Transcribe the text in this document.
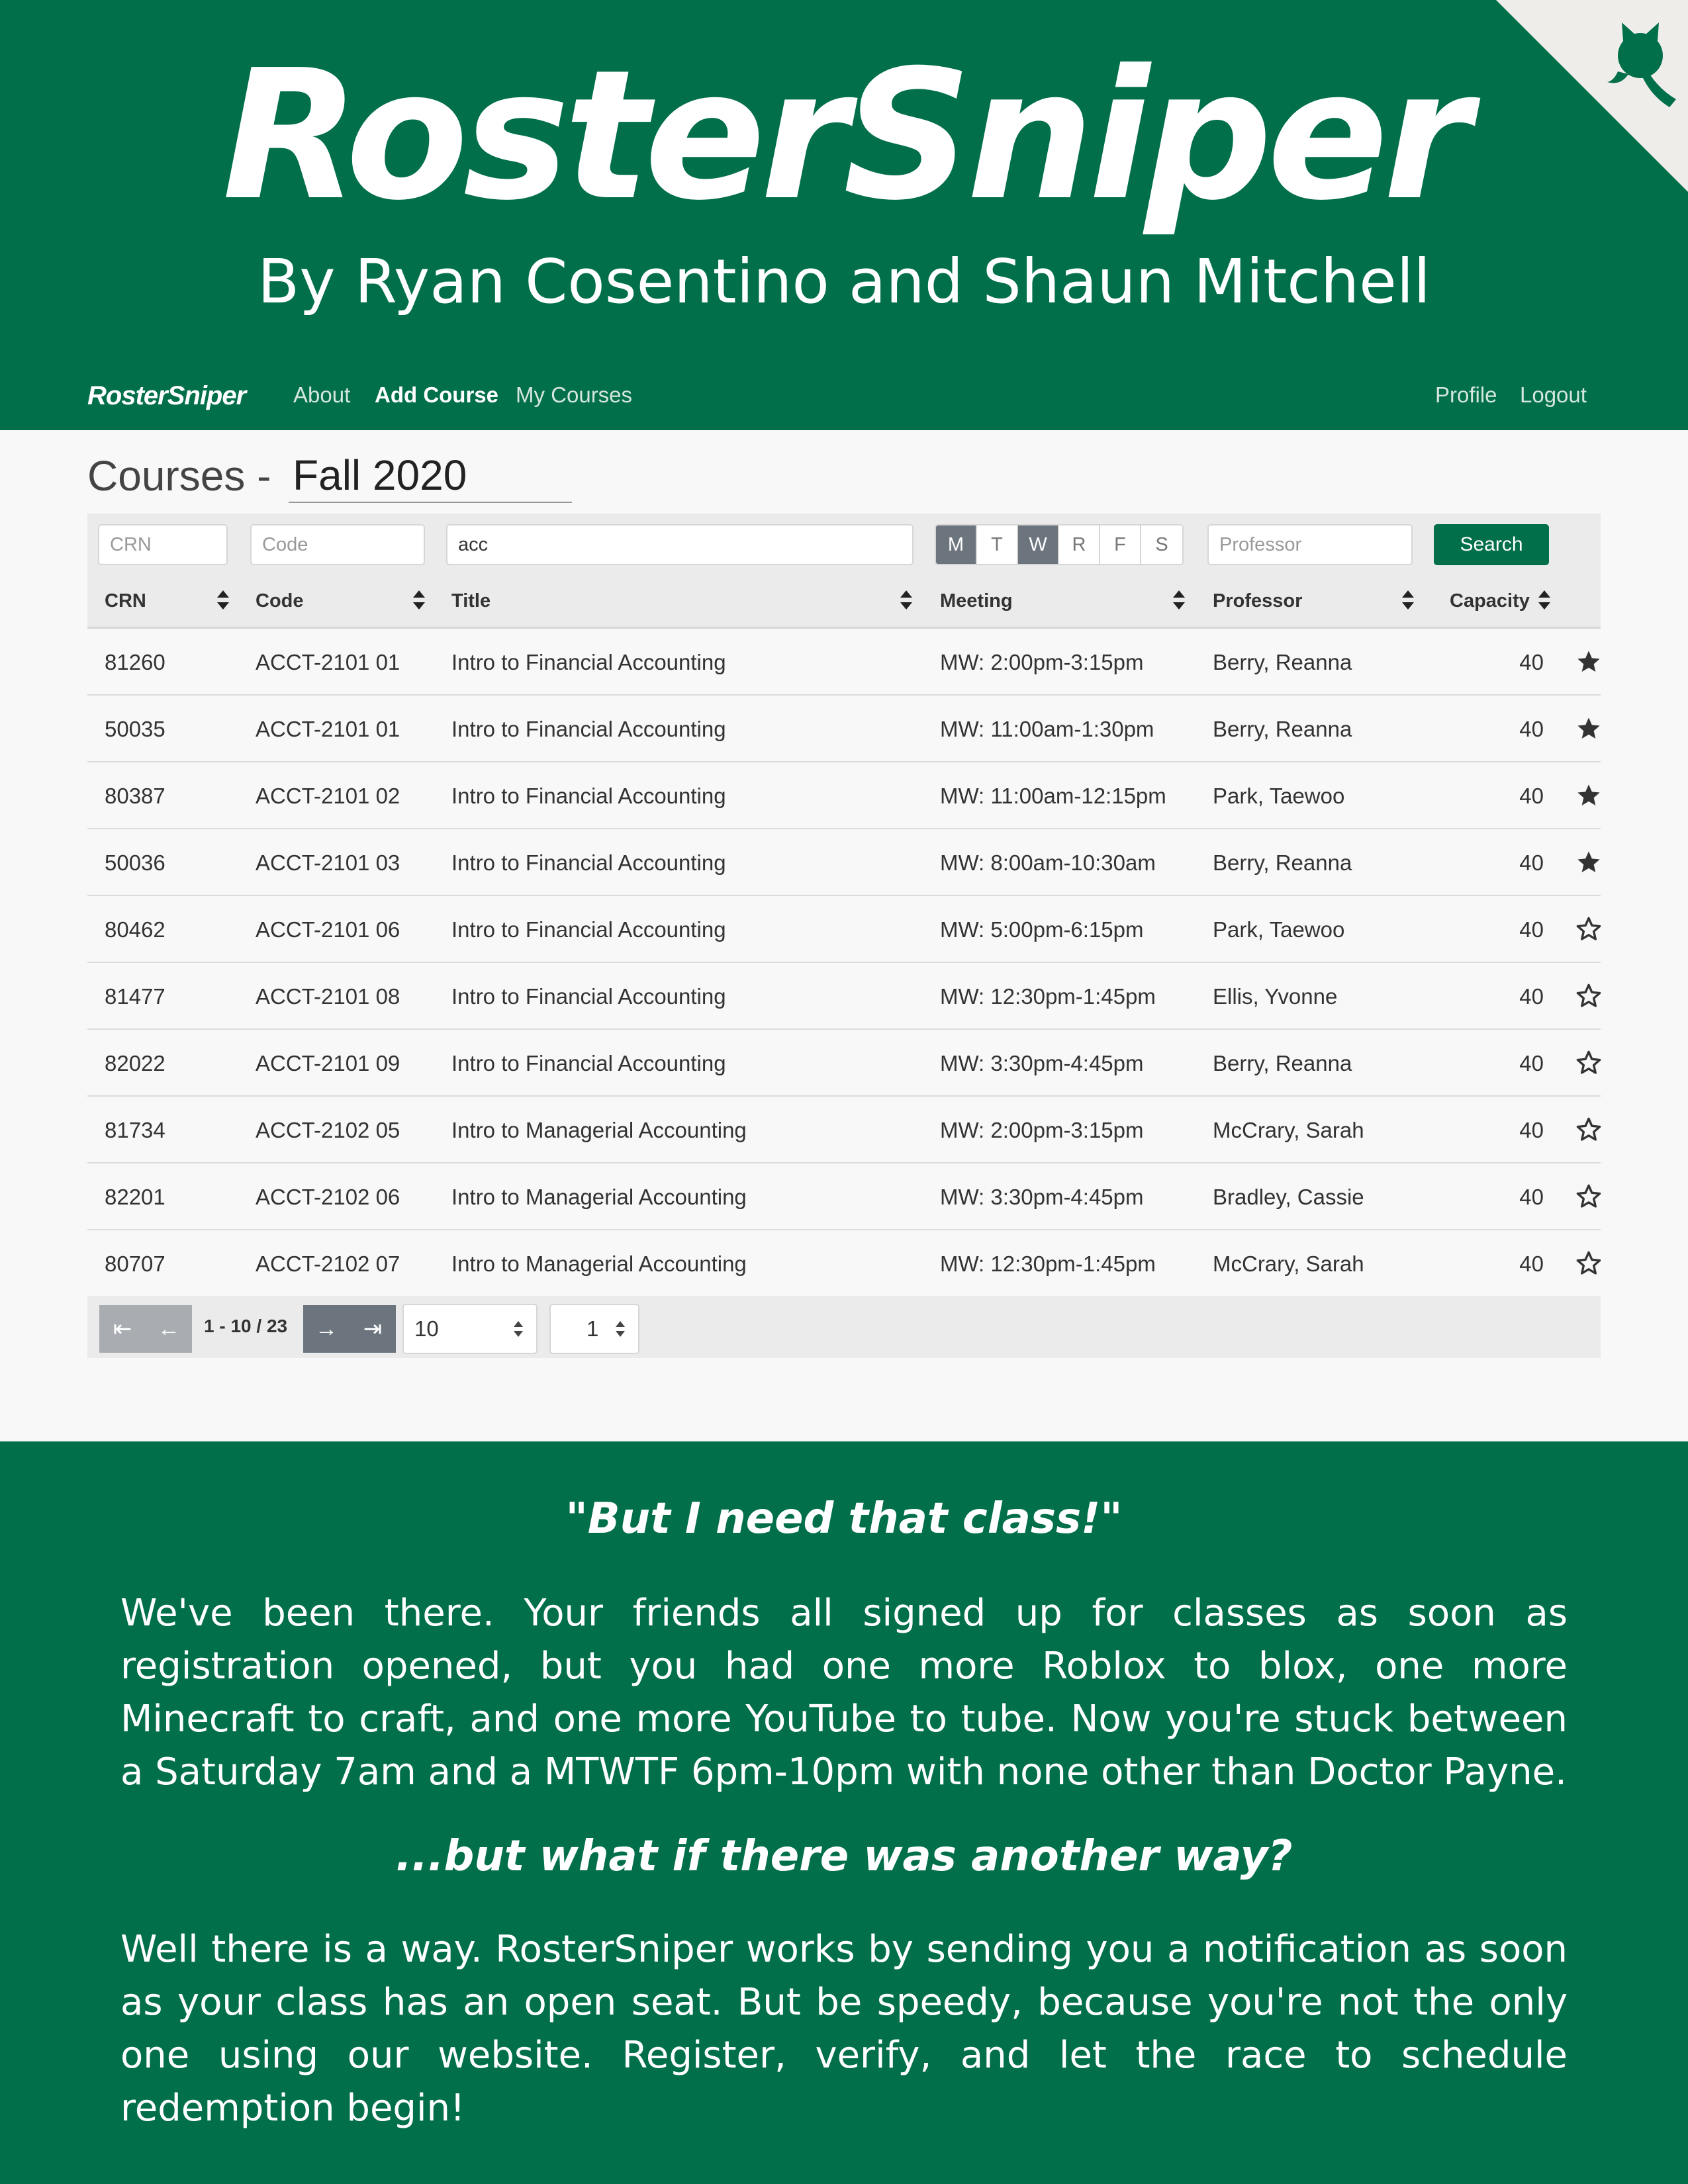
RosterSniper
By Ryan Cosentino and Shaun Mitchell
RosterSniper About Add Course My Courses	Profile Logout
Courses - Fall 2020
CRN	Code	acc	M	T	W	R	F	S	Professor	Search
CRN	Code	Title	Meeting	Professor	Capacity
81260	ACCT-2101 01 Intro to Financial Accounting	MW: 2:00pm-3:15pm	Berry, Reanna	40
50035	ACCT-2101 01 Intro to Financial Accounting	MW: 11:00am-1:30pm	Berry, Reanna	40
80387	ACCT-2101 02 Intro to Financial Accounting	MW: 11:00am-12:15pm Park, Taewoo	40
50036	ACCT-2101 03 Intro to Financial Accounting	MW: 8:00am-10:30am	Berry, Reanna	40
80462	ACCT-2101 06 Intro to Financial Accounting	MW: 5:00pm-6:15pm	Park, Taewoo	40
81477	ACCT-2101 08 Intro to Financial Accounting	MW: 12:30pm-1:45pm	Ellis, Yvonne	40
82022	ACCT-2101 09 Intro to Financial Accounting	MW: 3:30pm-4:45pm	Berry, Reanna	40
81734	ACCT-2102 05 Intro to Managerial Accounting	MW: 2:00pm-3:15pm	McCrary, Sarah	40
82201	ACCT-2102 06 Intro to Managerial Accounting	MW: 3:30pm-4:45pm	Bradley, Cassie	40
80707	ACCT-2102 07 Intro to Managerial Accounting	MW: 12:30pm-1:45pm	McCrary, Sarah	40
⇤	←	1 - 10 / 23	→	⇥	10	1
"But I need that class!"
We've been there. Your friends all signed up for classes as soon as registration opened, but you had one more Roblox to blox, one more Minecraft to craft, and one more YouTube to tube. Now you're stuck between a Saturday 7am and a MTWTF 6pm-10pm with none other than Doctor Payne.
...but what if there was another way?
Well there is a way. RosterSniper works by sending you a notification as soon as your class has an open seat. But be speedy, because you're not the only one using our website. Register, verify, and let the race to schedule redemption begin!
